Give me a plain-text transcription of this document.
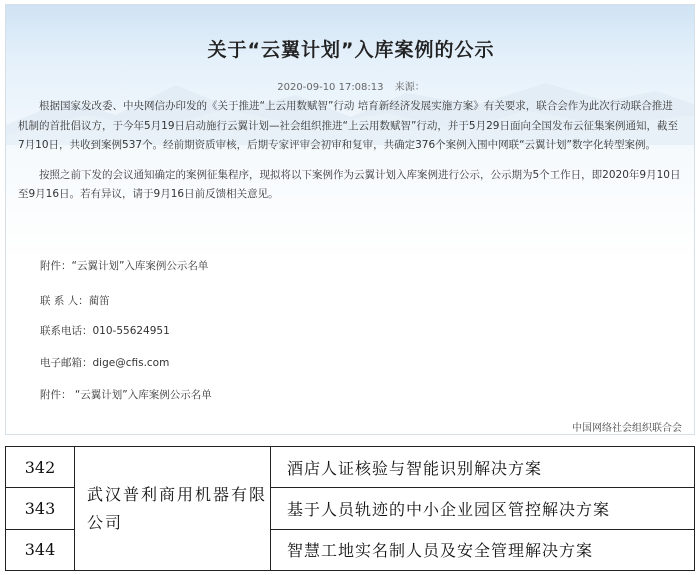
关于“云翼计划”入库案例的公示
2020-09-10 17:08:13 来源：

根据国家发改委、中央网信办印发的《关于推进“上云用数赋智”行动 培育新经济发展实施方案》有关要求，联合会作为此次行动联合推进机制的首批倡议方，于今年5月19日启动施行云翼计划—社会组织推进“上云用数赋智”行动，并于5月29日面向全国发布云征集案例通知，截至7月10日，共收到案例537个。经前期资质审核，后期专家评审会初审和复审，共确定376个案例入围中网联“云翼计划”数字化转型案例。

按照之前下发的会议通知确定的案例征集程序，现拟将以下案例作为云翼计划入库案例进行公示，公示期为5个工作日，即2020年9月10日至9月16日。若有异议，请于9月16日前反馈相关意见。

附件：“云翼计划”入库案例公示名单
联 系 人：蔺笛
联系电话：010-55624951
电子邮箱：dige@cfis.com
附件： “云翼计划”入库案例公示名单
中国网络社会组织联合会
342	武汉普利商用机器有限公司	酒店人证核验与智能识别解决方案
343		基于人员轨迹的中小企业园区管控解决方案
344		智慧工地实名制人员及安全管理解决方案
